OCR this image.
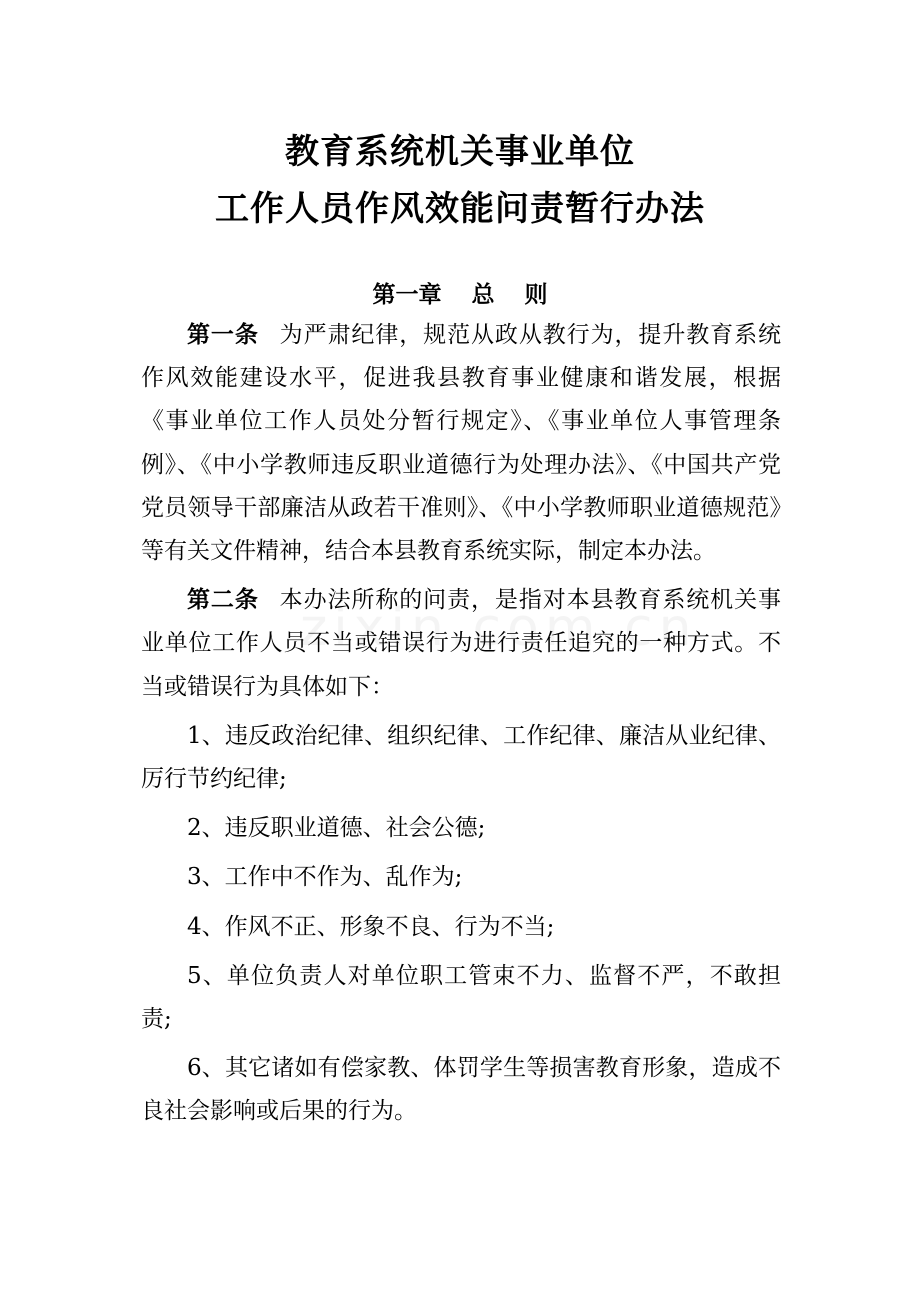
教育系统机关事业单位
工作人员作风效能问责暂行办法
第一章 总 则

第一条 为严肃纪律，规范从政从教行为，提升教育系统作风效能建设水平，促进我县教育事业健康和谐发展，根据《事业单位工作人员处分暂行规定》、《事业单位人事管理条例》、《中小学教师违反职业道德行为处理办法》、《中国共产党党员领导干部廉洁从政若干准则》、《中小学教师职业道德规范》等有关文件精神，结合本县教育系统实际，制定本办法。

第二条 本办法所称的问责，是指对本县教育系统机关事业单位工作人员不当或错误行为进行责任追究的一种方式。不当或错误行为具体如下：

1、违反政治纪律、组织纪律、工作纪律、廉洁从业纪律、厉行节约纪律;

2、违反职业道德、社会公德;

3、工作中不作为、乱作为;

4、作风不正、形象不良、行为不当;

5、单位负责人对单位职工管束不力、监督不严，不敢担责;

6、其它诸如有偿家教、体罚学生等损害教育形象，造成不良社会影响或后果的行为。
